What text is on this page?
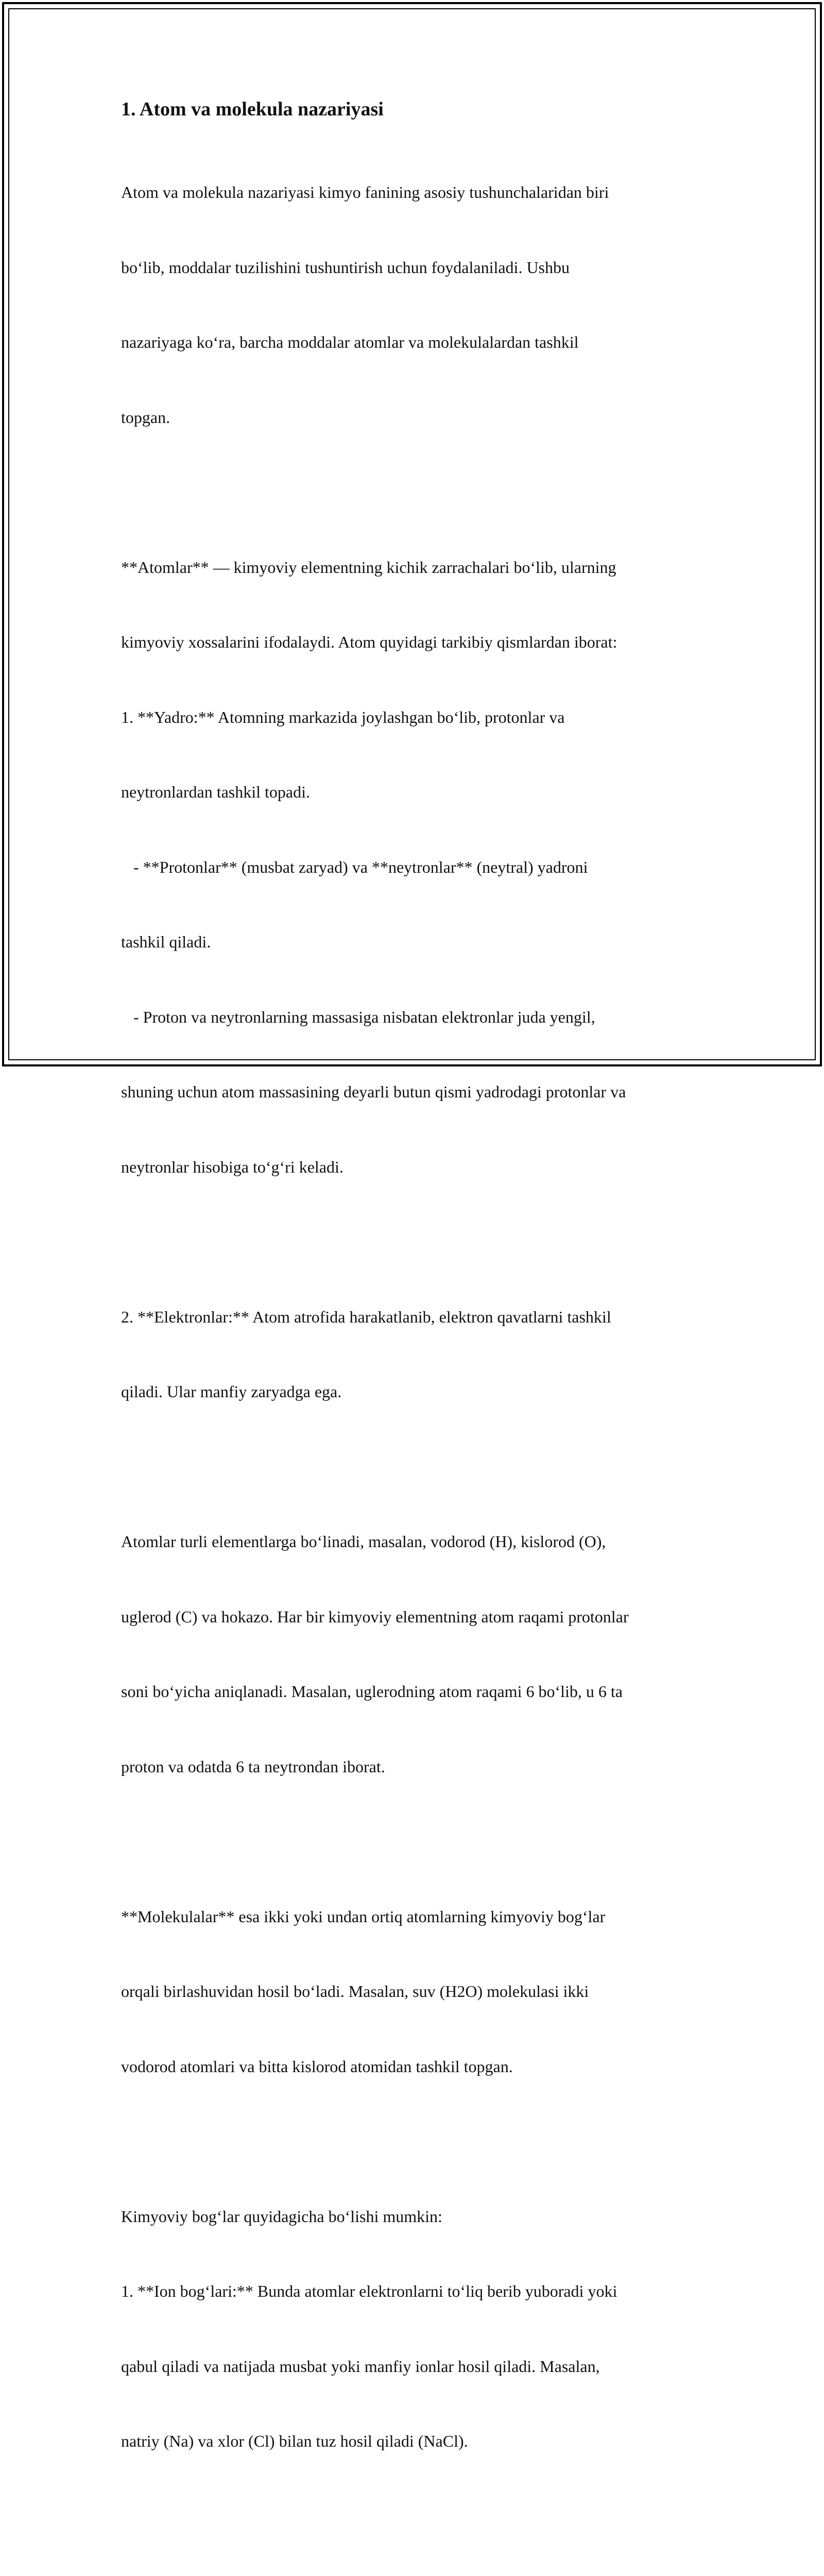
1. Atom va molekula nazariyasi

Atom va molekula nazariyasi kimyo fanining asosiy tushunchalaridan biri

bo‘lib, moddalar tuzilishini tushuntirish uchun foydalaniladi. Ushbu

nazariyaga ko‘ra, barcha moddalar atomlar va molekulalardan tashkil

topgan.

**Atomlar** — kimyoviy elementning kichik zarrachalari bo‘lib, ularning

kimyoviy xossalarini ifodalaydi. Atom quyidagi tarkibiy qismlardan iborat:

1. **Yadro:** Atomning markazida joylashgan bo‘lib, protonlar va

neytronlardan tashkil topadi.

- **Protonlar** (musbat zaryad) va **neytronlar** (neytral) yadroni

tashkil qiladi.

- Proton va neytronlarning massasiga nisbatan elektronlar juda yengil,

shuning uchun atom massasining deyarli butun qismi yadrodagi protonlar va

neytronlar hisobiga to‘g‘ri keladi.

2. **Elektronlar:** Atom atrofida harakatlanib, elektron qavatlarni tashkil

qiladi. Ular manfiy zaryadga ega.

Atomlar turli elementlarga bo‘linadi, masalan, vodorod (H), kislorod (O),

uglerod (C) va hokazo. Har bir kimyoviy elementning atom raqami protonlar

soni bo‘yicha aniqlanadi. Masalan, uglerodning atom raqami 6 bo‘lib, u 6 ta

proton va odatda 6 ta neytrondan iborat.

**Molekulalar** esa ikki yoki undan ortiq atomlarning kimyoviy bog‘lar

orqali birlashuvidan hosil bo‘ladi. Masalan, suv (H2O) molekulasi ikki

vodorod atomlari va bitta kislorod atomidan tashkil topgan.

Kimyoviy bog‘lar quyidagicha bo‘lishi mumkin:

1. **Ion bog‘lari:** Bunda atomlar elektronlarni to‘liq berib yuboradi yoki

qabul qiladi va natijada musbat yoki manfiy ionlar hosil qiladi. Masalan,

natriy (Na) va xlor (Cl) bilan tuz hosil qiladi (NaCl).
